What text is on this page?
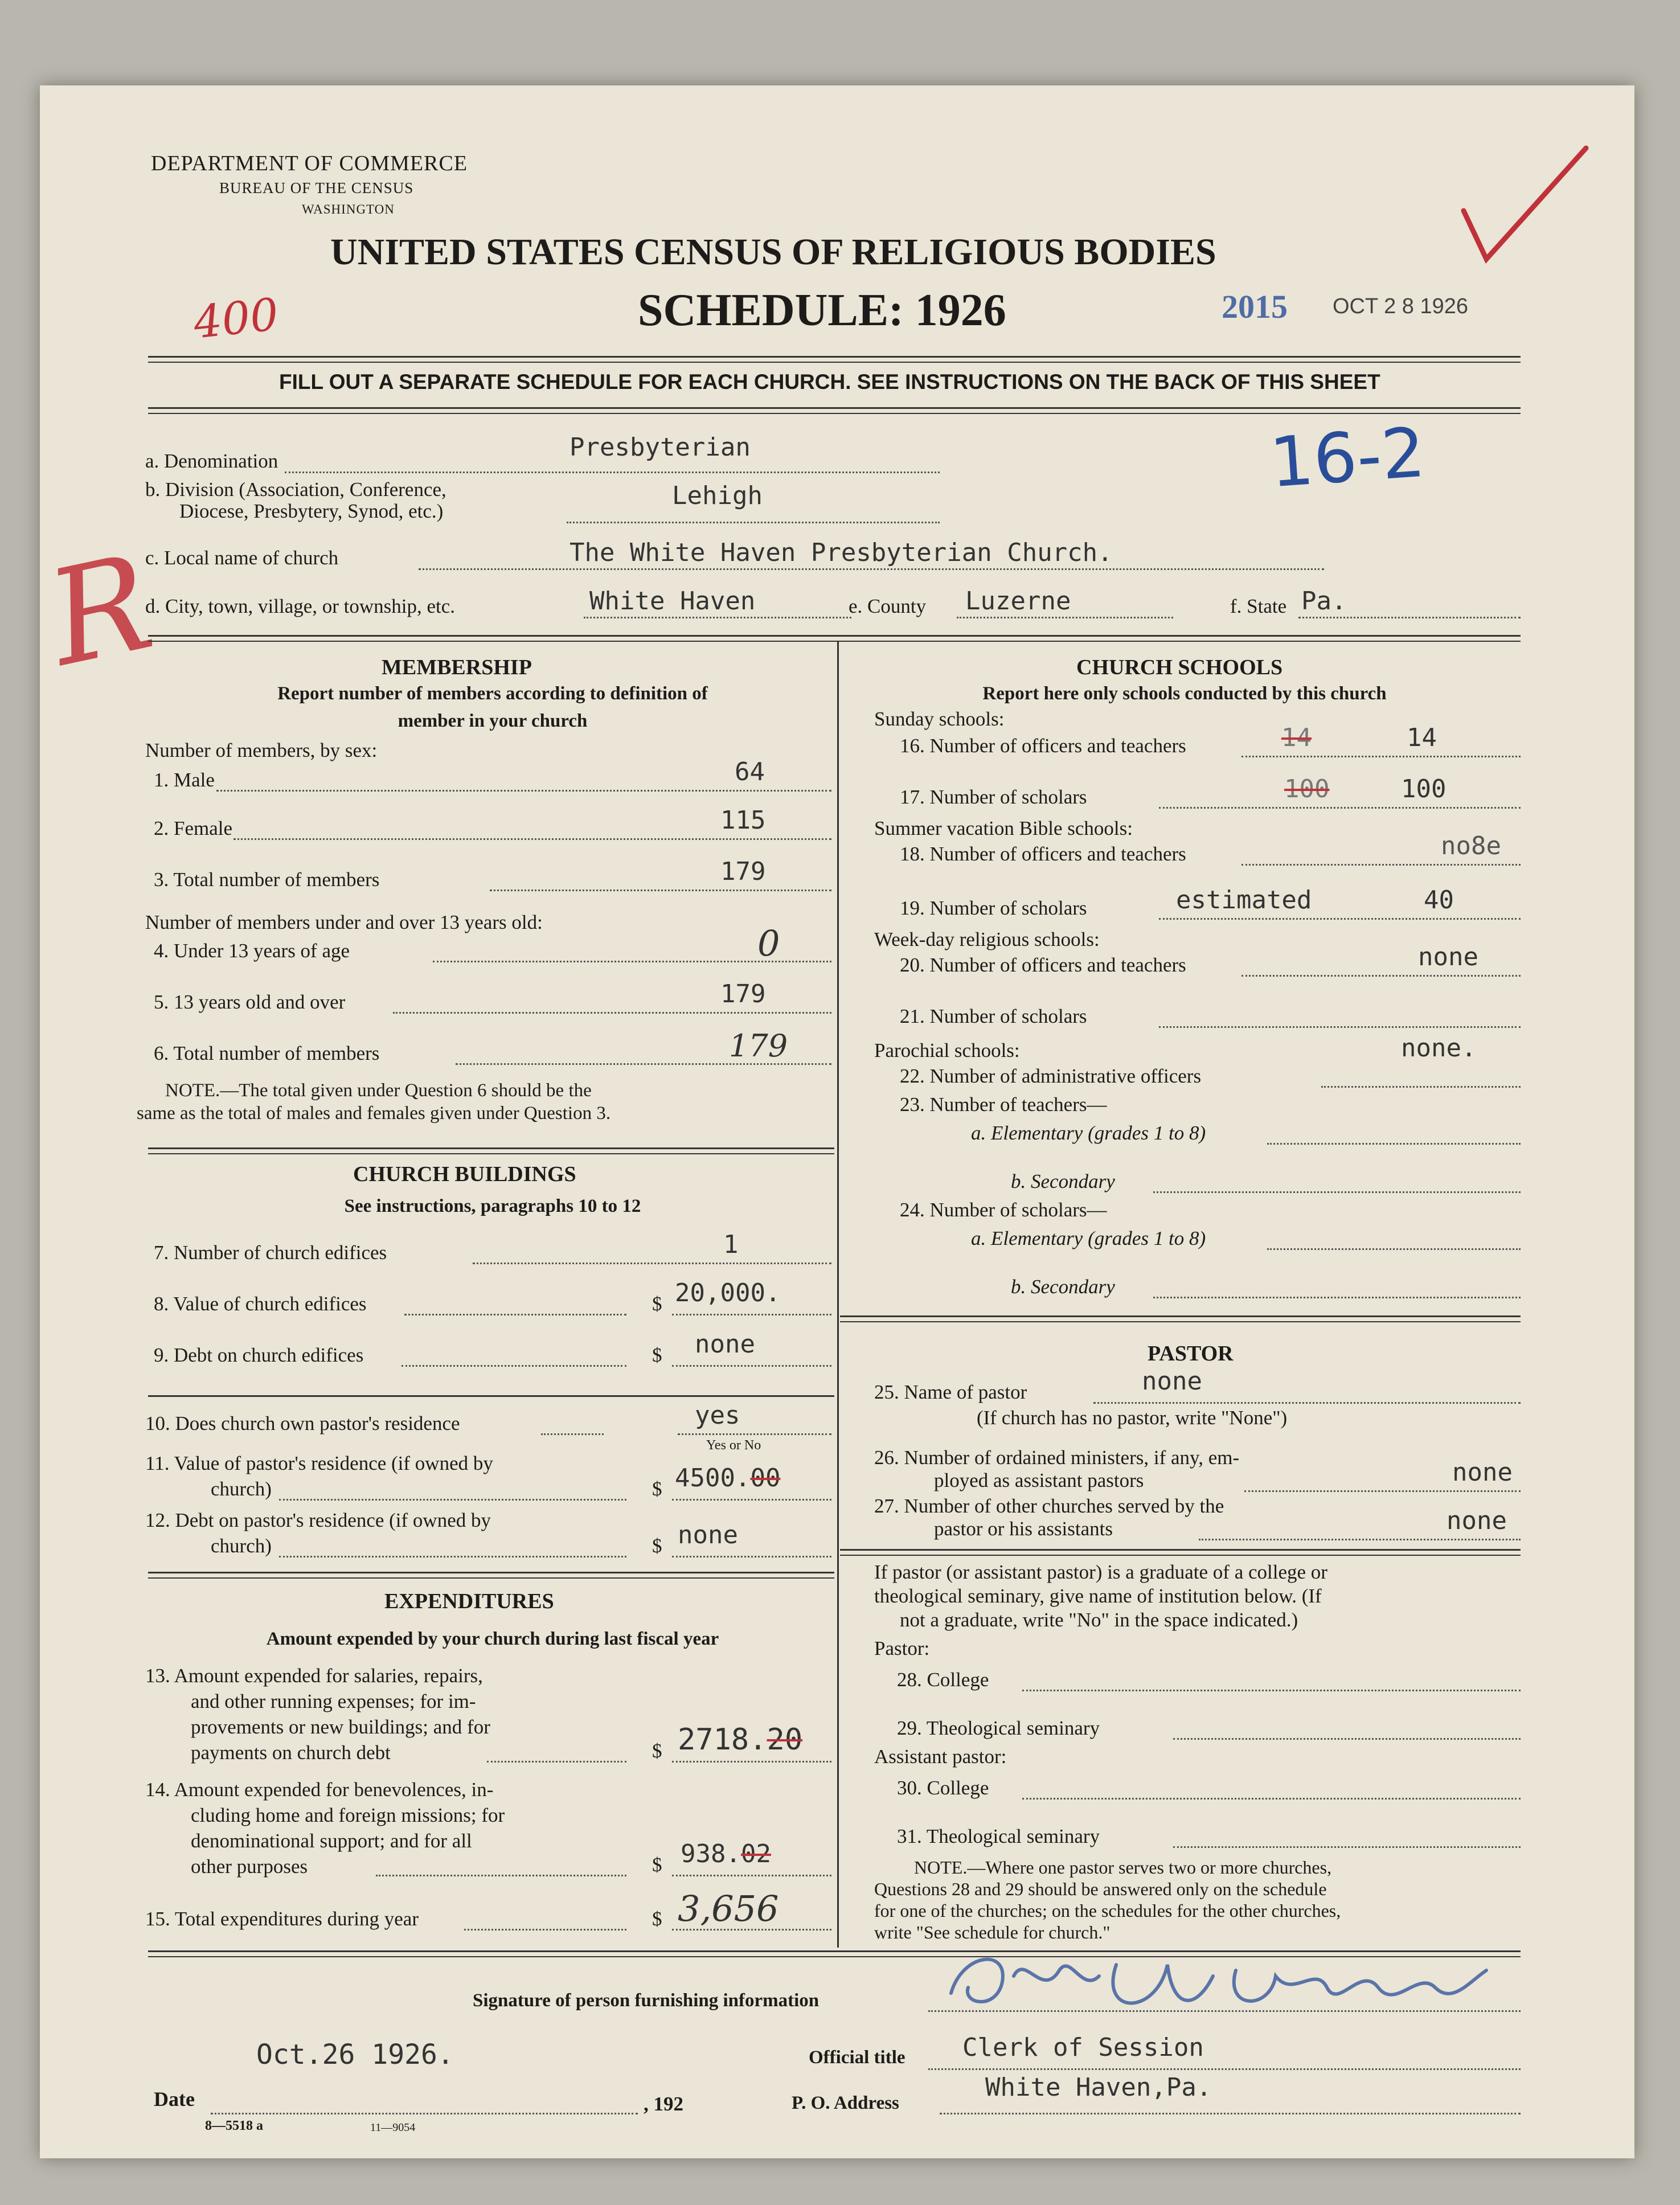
DEPARTMENT OF COMMERCE
BUREAU OF THE CENSUS
WASHINGTON
UNITED STATES CENSUS OF RELIGIOUS BODIES
SCHEDULE: 1926	2015 OCT 2 8 1926
400
16-2
FILL OUT A SEPARATE SCHEDULE FOR EACH CHURCH. SEE INSTRUCTIONS ON THE BACK OF THIS SHEET
a. Denomination	Presbyterian
b. Division (Association, Conference,
Diocese, Presbytery, Synod, etc.)
Lehigh
c. Local name of church	The White Haven Presbyterian Church.
d. City, town, village, or township, etc.	White Haven	e. County Luzerne	f. State Pa.
R	MEMBERSHIP
Report number of members according to definition of
member in your church
Number of members, by sex:
1. Male	64
2. Female	115
3. Total number of members	179
Number of members under and over 13 years old:
4. Under 13 years of age	0
5. 13 years old and over	179
6. Total number of members	179
NOTE.—The total given under Question 6 should be the
same as the total of males and females given under Question 3.
CHURCH BUILDINGS
See instructions, paragraphs 10 to 12
7. Number of church edifices	1
8. Value of church edifices	$ 20,000.
9. Debt on church edifices	$ none
10. Does church own pastor's residence	yes
Yes or No
11. Value of pastor's residence (if owned by
church)	$ 4500.00
12. Debt on pastor's residence (if owned by
church)	$ none
EXPENDITURES
Amount expended by your church during last fiscal year
13. Amount expended for salaries, repairs,
and other running expenses; for im-
provements or new buildings; and for
payments on church debt	$ 2718.20
14. Amount expended for benevolences, in-
cluding home and foreign missions; for
denominational support; and for all
other purposes	$ 938.02
15. Total expenditures during year	$ 3,656
CHURCH SCHOOLS
Report here only schools conducted by this church
Sunday schools:
16. Number of officers and teachers	14	14
17. Number of scholars	100	100
Summer vacation Bible schools:
18. Number of officers and teachers	no8e
19. Number of scholars	estimated	40
Week-day religious schools:
20. Number of officers and teachers	none
21. Number of scholars
Parochial schools:	none.
22. Number of administrative officers
23. Number of teachers—
a. Elementary (grades 1 to 8)
b. Secondary
24. Number of scholars—
a. Elementary (grades 1 to 8)
b. Secondary
PASTOR
25. Name of pastor	none
(If church has no pastor, write "None")
26. Number of ordained ministers, if any, em-
ployed as assistant pastors	none
27. Number of other churches served by the
pastor or his assistants	none
If pastor (or assistant pastor) is a graduate of a college or
theological seminary, give name of institution below. (If
not a graduate, write "No" in the space indicated.)
Pastor:
28. College
29. Theological seminary
Assistant pastor:
30. College
31. Theological seminary
NOTE.—Where one pastor serves two or more churches,
Questions 28 and 29 should be answered only on the schedule
for one of the churches; on the schedules for the other churches,
write "See schedule for church."
Signature of person furnishing information
Official title Clerk of Session
Oct.26 1926.
Date	, 192	P. O. Address
White Haven,Pa.
8—5518 a	11—9054
